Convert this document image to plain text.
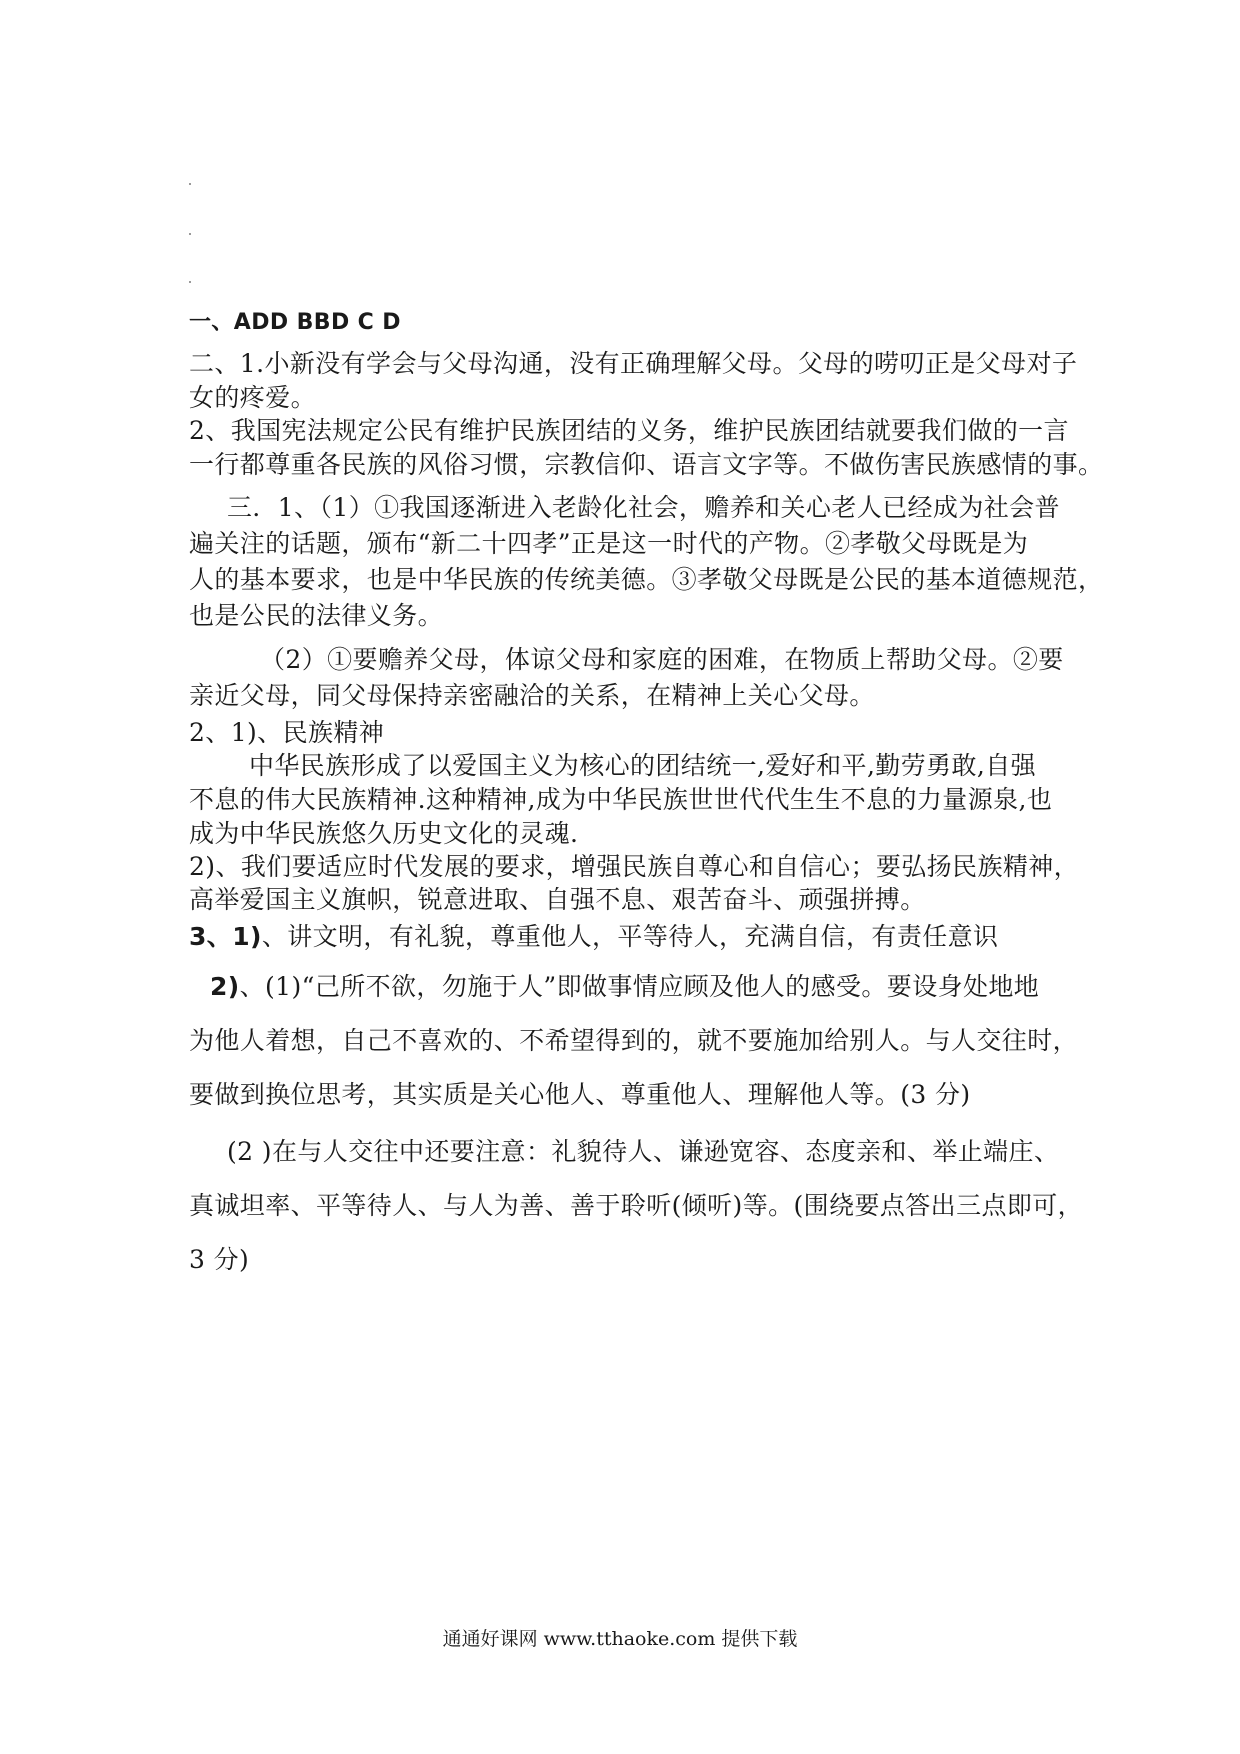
一、ADD BBD C D
二、1.小新没有学会与父母沟通，没有正确理解父母。父母的唠叨正是父母对子
女的疼爱。
2、我国宪法规定公民有维护民族团结的义务，维护民族团结就要我们做的一言
一行都尊重各民族的风俗习惯，宗教信仰、语言文字等。不做伤害民族感情的事。
三．1、（1）①我国逐渐进入老龄化社会，赡养和关心老人已经成为社会普
遍关注的话题，颁布“新二十四孝”正是这一时代的产物。②孝敬父母既是为
人的基本要求，也是中华民族的传统美德。③孝敬父母既是公民的基本道德规范，
也是公民的法律义务。
（2）①要赡养父母，体谅父母和家庭的困难，在物质上帮助父母。②要
亲近父母，同父母保持亲密融洽的关系，在精神上关心父母。
2、1)、民族精神
中华民族形成了以爱国主义为核心的团结统一,爱好和平,勤劳勇敢,自强
不息的伟大民族精神.这种精神,成为中华民族世世代代生生不息的力量源泉,也
成为中华民族悠久历史文化的灵魂.
2)、我们要适应时代发展的要求，增强民族自尊心和自信心；要弘扬民族精神，
高举爱国主义旗帜，锐意进取、自强不息、艰苦奋斗、顽强拼搏。
3、1)、讲文明，有礼貌，尊重他人，平等待人，充满自信，有责任意识
2)、(1)“己所不欲，勿施于人”即做事情应顾及他人的感受。要设身处地地
为他人着想，自己不喜欢的、不希望得到的，就不要施加给别人。与人交往时，
要做到换位思考，其实质是关心他人、尊重他人、理解他人等。(3 分)
(2 )在与人交往中还要注意：礼貌待人、谦逊宽容、态度亲和、举止端庄、
真诚坦率、平等待人、与人为善、善于聆听(倾听)等。(围绕要点答出三点即可，
3 分)
通通好课网 www.tthaoke.com 提供下载
